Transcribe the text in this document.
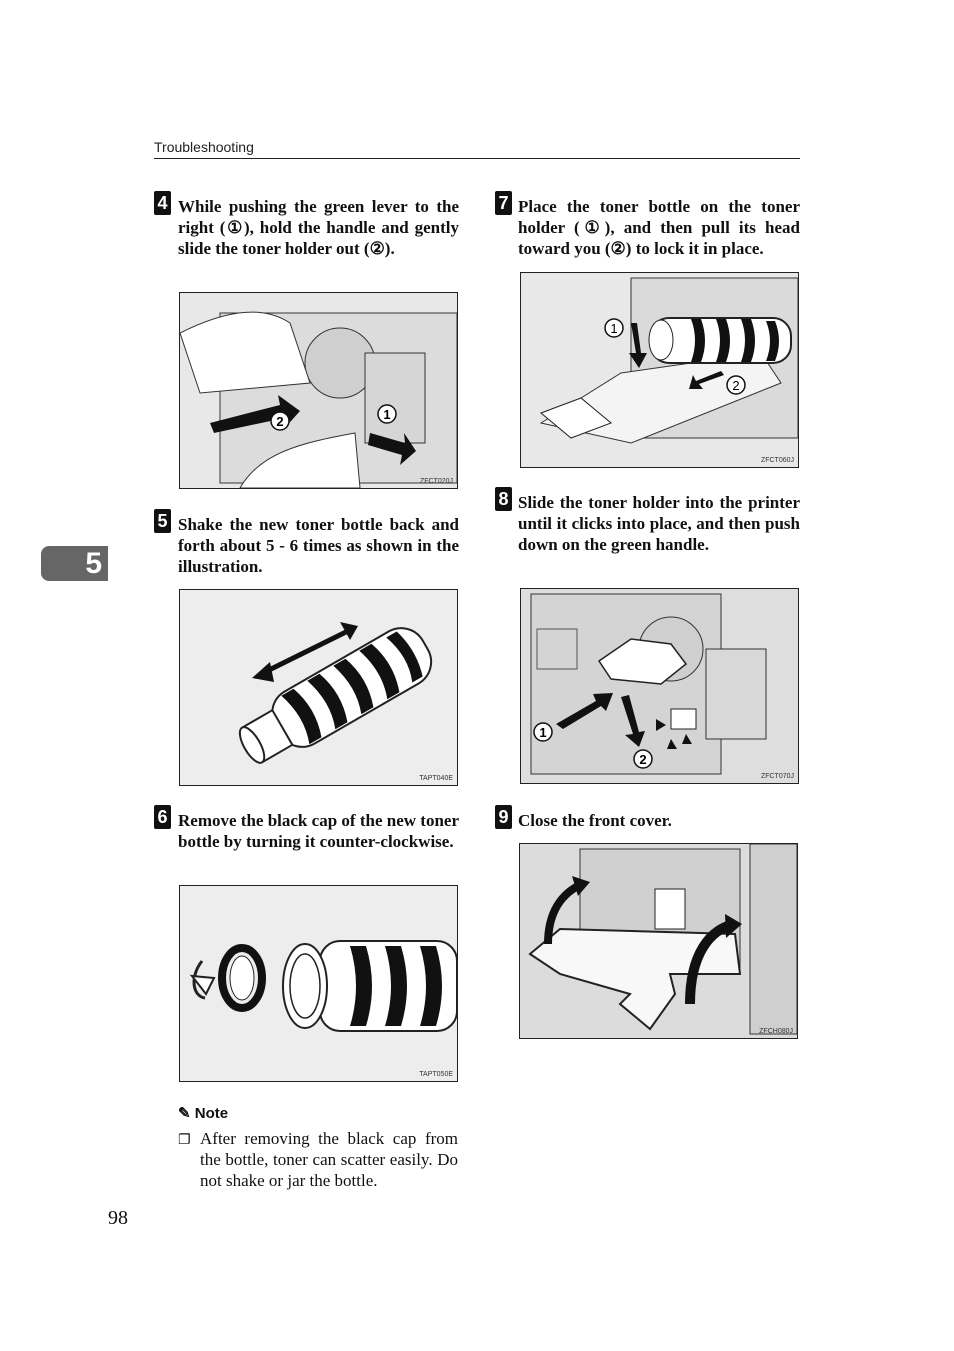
Troubleshooting
5
4 While pushing the green lever to the right (①), hold the handle and gently slide the toner holder out (②).
2	1
ZFCT020J
5 Shake the new toner bottle back and forth about 5 - 6 times as shown in the illustration.
TAPT040E
6 Remove the black cap of the new toner bottle by turning it counter-clockwise.
TAPT050E
✎ Note
❐ After removing the black cap from the bottle, toner can scatter easily. Do not shake or jar the bottle.
7 Place the toner bottle on the toner holder (①), and then pull its head toward you (②) to lock it in place.
1
2
ZFCT060J
8 Slide the toner holder into the printer until it clicks into place, and then push down on the green handle.
1
2
ZFCT070J
9 Close the front cover.
ZFCH080J
98
